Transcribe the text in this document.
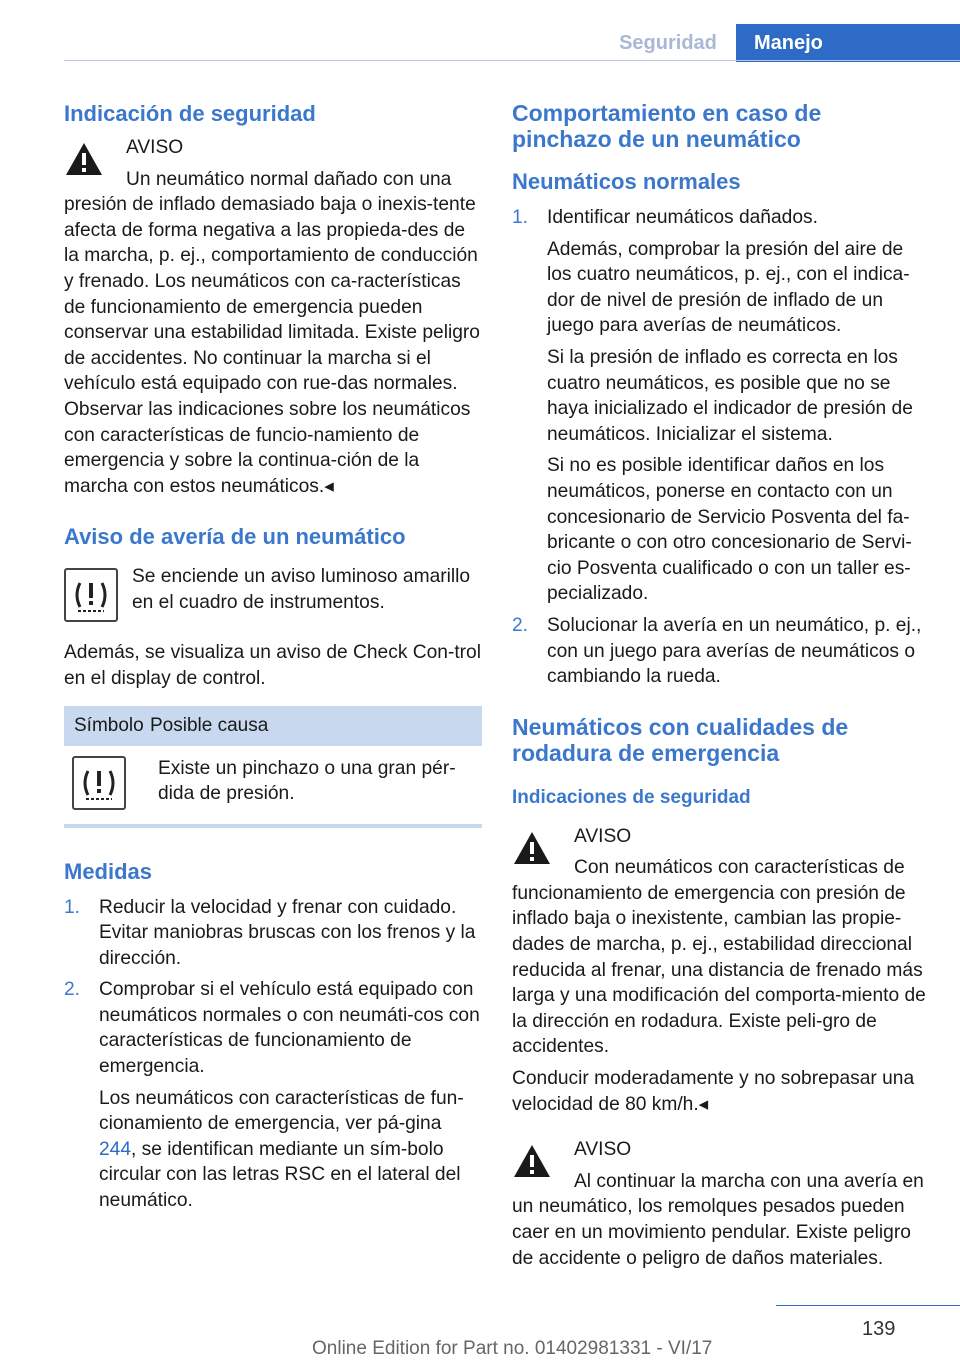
Seguridad	Manejo
Indicación de seguridad

AVISO

Un neumático normal dañado con una presión de inflado demasiado baja o inexis-tente afecta de forma negativa a las propieda-des de la marcha, p. ej., comportamiento de conducción y frenado. Los neumáticos con ca-racterísticas de funcionamiento de emergencia pueden conservar una estabilidad limitada. Existe peligro de accidentes. No continuar la marcha si el vehículo está equipado con rue-das normales. Observar las indicaciones sobre los neumáticos con características de funcio-namiento de emergencia y sobre la continua-ción de la marcha con estos neumáticos.◂

Aviso de avería de un neumático

Se enciende un aviso luminoso amarillo en el cuadro de instrumentos.

Además, se visualiza un aviso de Check Con-trol en el display de control.

Símbolo Posible causa

Existe un pinchazo o una gran pér-dida de presión.

Medidas
1. Reducir la velocidad y frenar con cuidado. Evitar maniobras bruscas con los frenos y la dirección.

2. Comprobar si el vehículo está equipado con neumáticos normales o con neumáti-cos con características de funcionamiento de emergencia.

Los neumáticos con características de fun-cionamiento de emergencia, ver pá-gina 244, se identifican mediante un sím-bolo circular con las letras RSC en el lateral del neumático.

Comportamiento en caso de pinchazo de un neumático
Neumáticos normales
1. Identificar neumáticos dañados.

Además, comprobar la presión del aire de los cuatro neumáticos, p. ej., con el indica-dor de nivel de presión de inflado de un juego para averías de neumáticos.

Si la presión de inflado es correcta en los cuatro neumáticos, es posible que no se haya inicializado el indicador de presión de neumáticos. Inicializar el sistema.

Si no es posible identificar daños en los neumáticos, ponerse en contacto con un concesionario de Servicio Posventa del fa-bricante o con otro concesionario de Servi-cio Posventa cualificado o con un taller es-pecializado.

2. Solucionar la avería en un neumático, p. ej., con un juego para averías de neumáticos o cambiando la rueda.

Neumáticos con cualidades de rodadura de emergencia
Indicaciones de seguridad

AVISO

Con neumáticos con características de funcionamiento de emergencia con presión de inflado baja o inexistente, cambian las propie-dades de marcha, p. ej., estabilidad direccional reducida al frenar, una distancia de frenado más larga y una modificación del comporta-miento de la dirección en rodadura. Existe peli-gro de accidentes.

Conducir moderadamente y no sobrepasar una velocidad de 80 km/h.◂

AVISO

Al continuar la marcha con una avería en un neumático, los remolques pesados pueden caer en un movimiento pendular. Existe peligro de accidente o peligro de daños materiales.

139
Online Edition for Part no. 01402981331 - VI/17
